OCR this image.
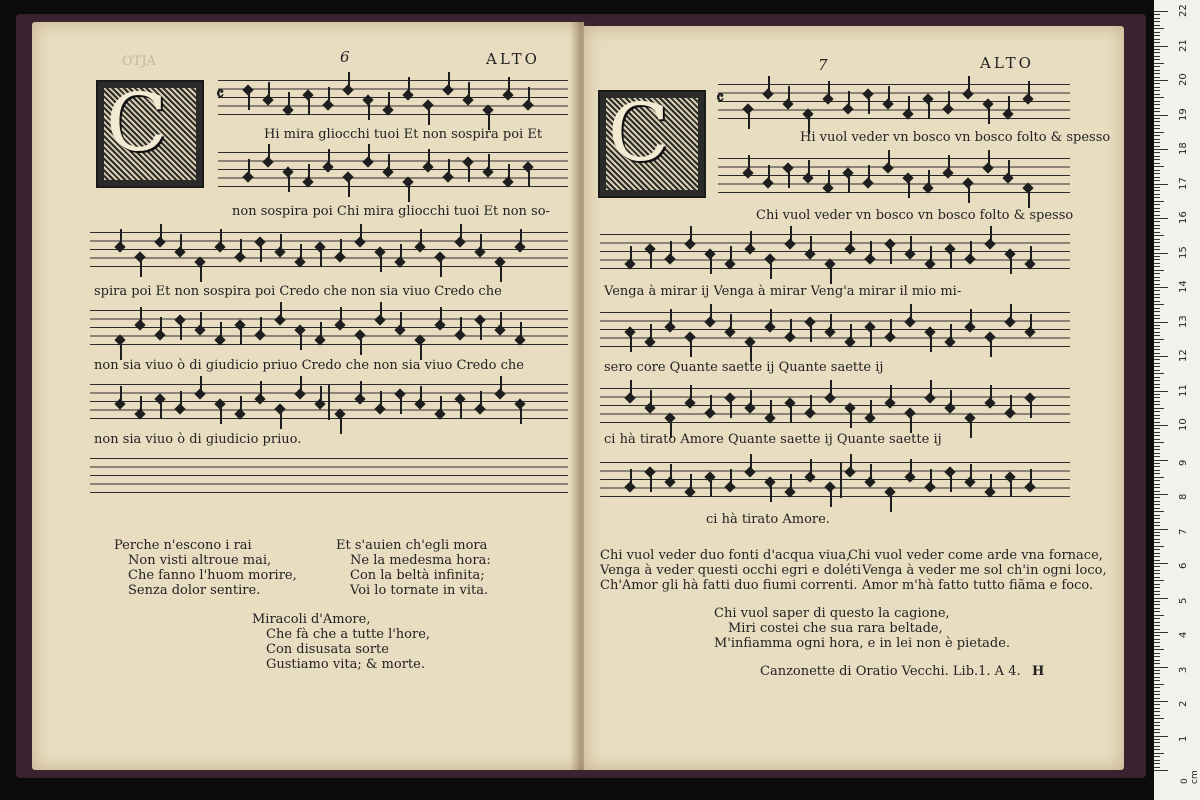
OTJA	6	ALTO
C	𝄴
Hi mira gliocchi tuoi Et non sospira poi Et
non sospira poi Chi mira gliocchi tuoi Et non so-
spira poi Et non sospira poi Credo che non sia viuo Credo che
non sia viuo ò di giudicio priuo Credo che non sia viuo Credo che
non sia viuo ò di giudicio priuo.
Perche n'escono i rai
Non visti altroue mai,
Che fanno l'huom morire,
Senza dolor sentire.
Et s'auien ch'egli mora
Ne la medesma hora:
Con la beltà infinita;
Voi lo tornate in vita.
Miracoli d'Amore,
Che fà che a tutte l'hore,
Con disusata sorte
Gustiamo vita; & morte.
7	ALTO
C	𝄴
Hi vuol veder vn bosco vn bosco folto & spesso
Chi vuol veder vn bosco vn bosco folto & spesso
Venga à mirar ij Venga à mirar Veng'a mirar il mio mi-
sero core Quante saette ij Quante saette ij
ci hà tirato Amore Quante saette ij Quante saette ij
ci hà tirato Amore.
Chi vuol veder duo fonti d'acqua viua,
Venga à veder questi occhi egri e doléti
Ch'Amor gli hà fatti duo fiumi correnti.
Chi vuol veder come arde vna fornace,
Venga à veder me sol ch'in ogni loco,
Amor m'hà fatto tutto fiãma e foco.
Chi vuol saper di questo la cagione,
Miri costei che sua rara beltade,
M'infiamma ogni hora, e in lei non è pietade.
Canzonette di Oratio Vecchi. Lib.1. A 4. H
0 cm
1
2
3
4
5
6
7
8
9
10
11
12
13
14
15
16
17
18
19
20
21
22
